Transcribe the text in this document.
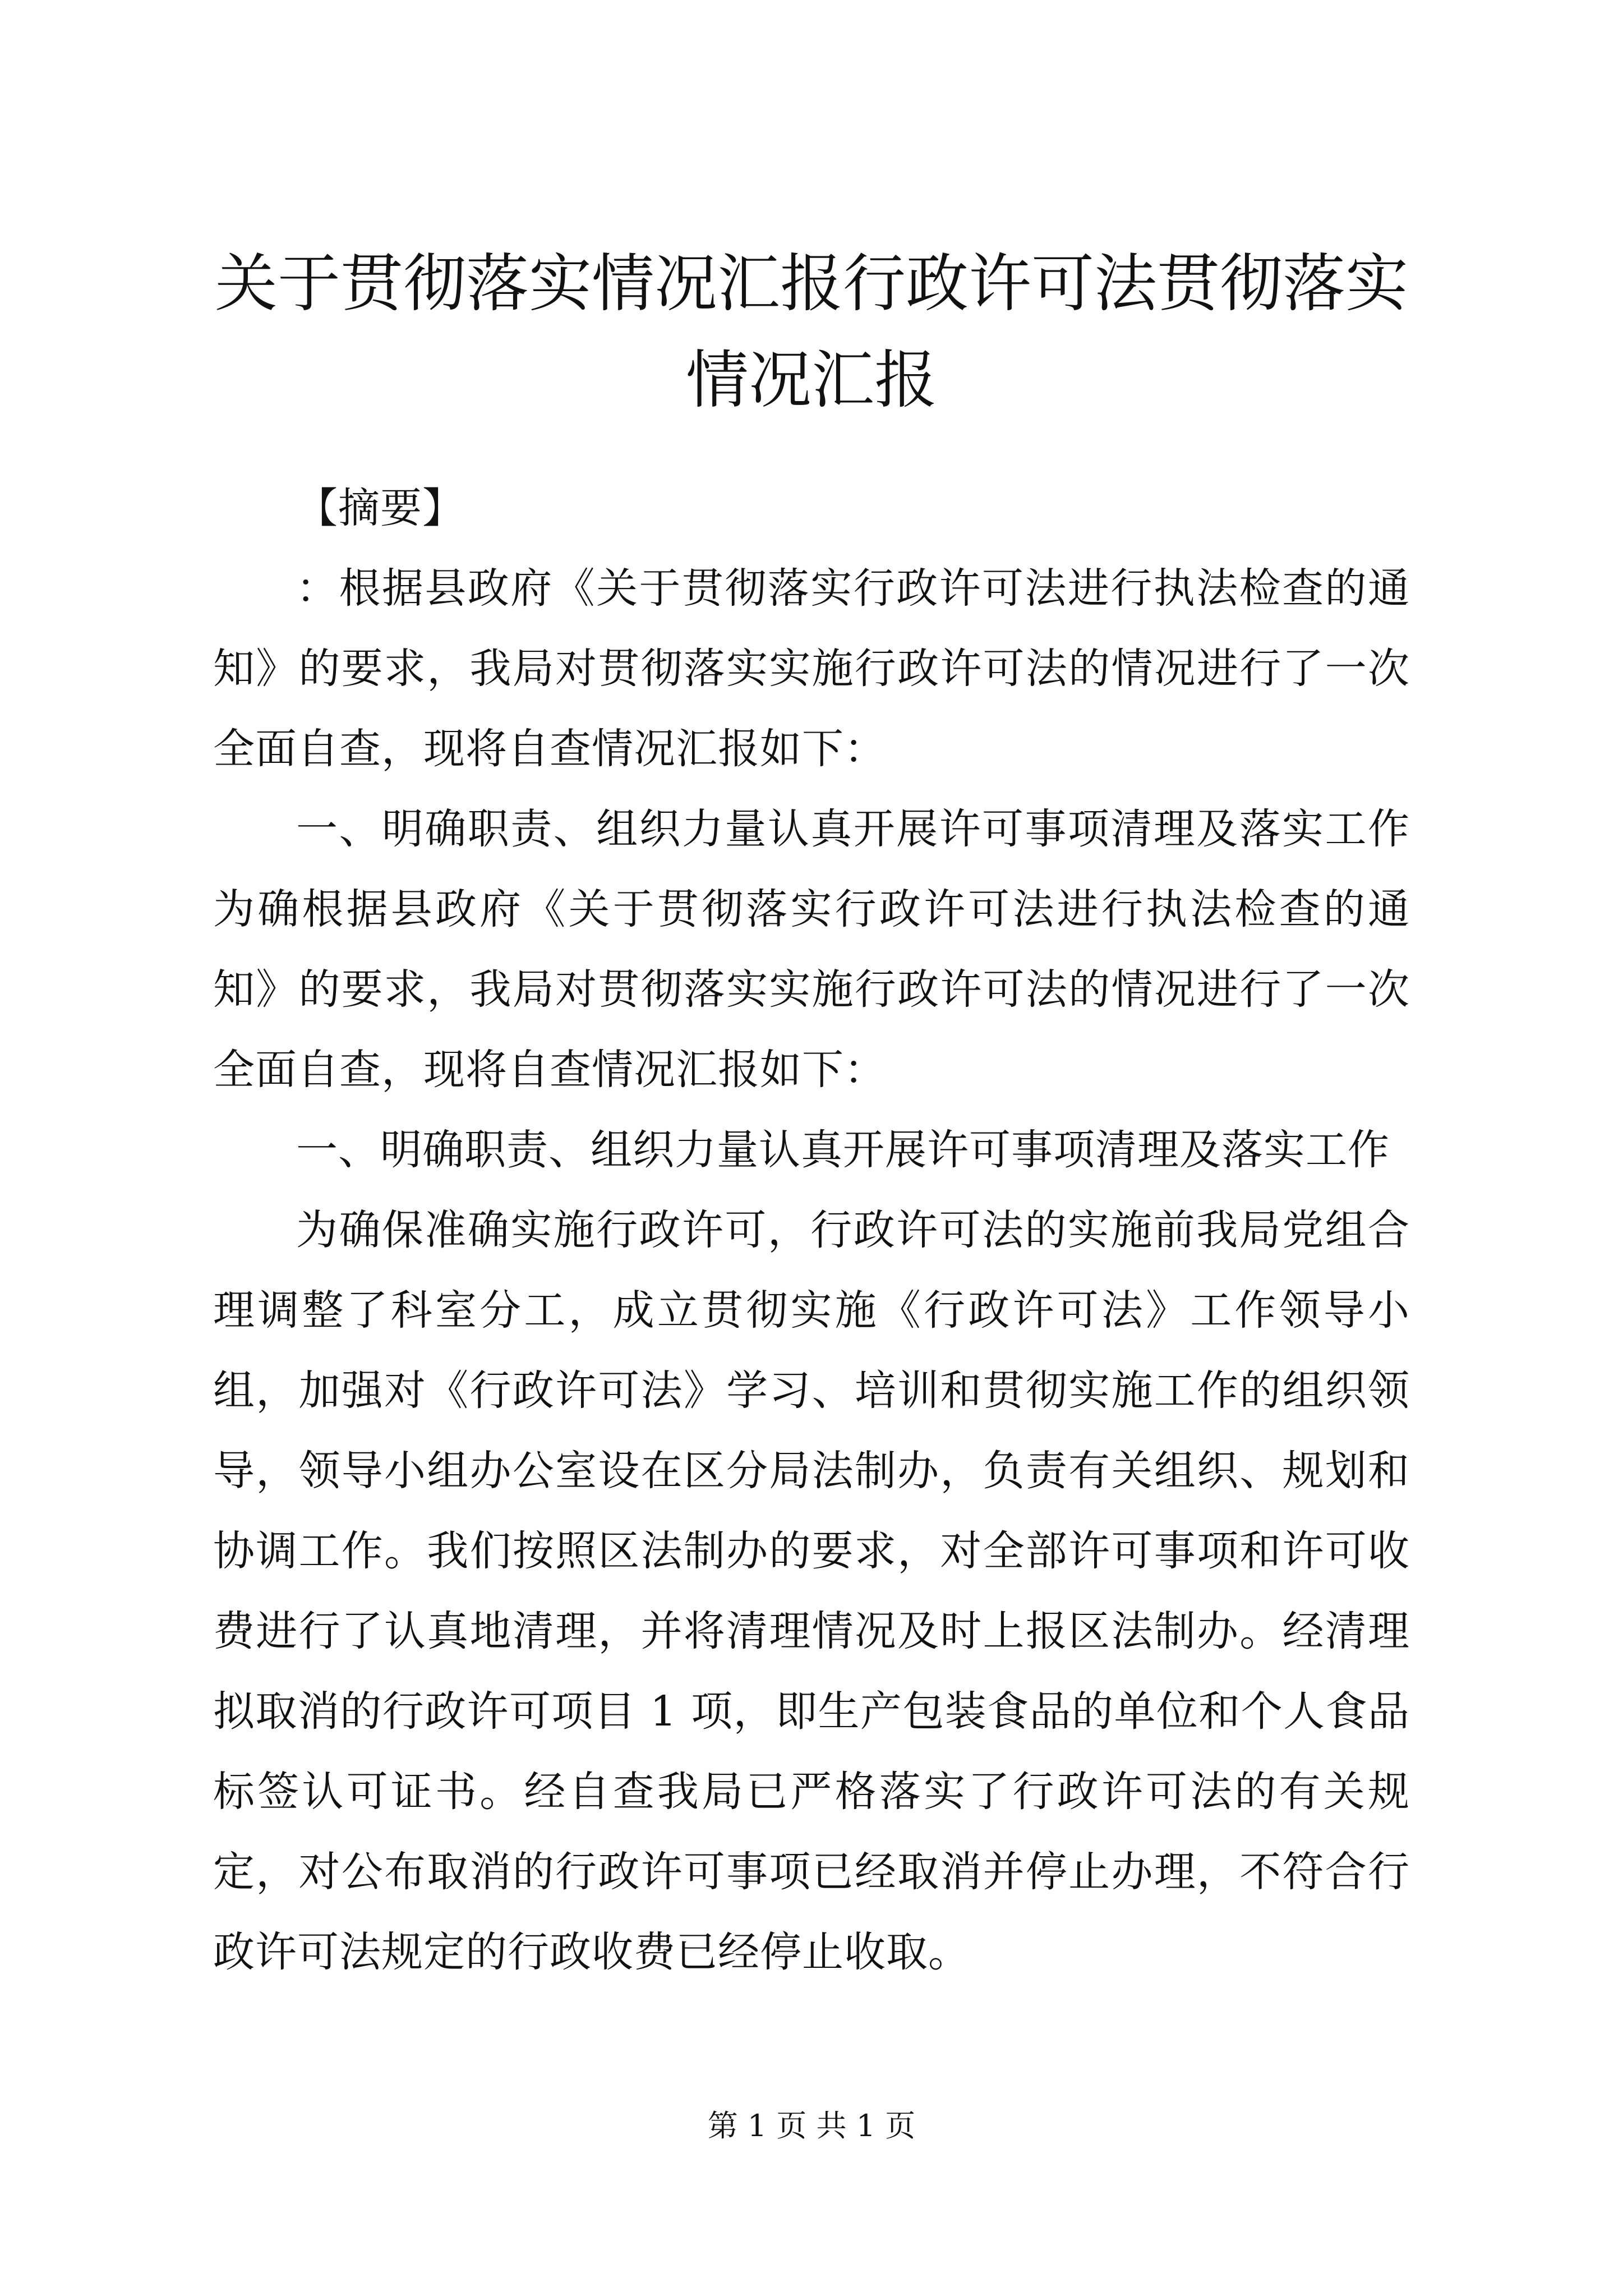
关于贯彻落实情况汇报行政许可法贯彻落实情况汇报

【摘要】

：根据县政府《关于贯彻落实行政许可法进行执法检查的通知》的要求，我局对贯彻落实实施行政许可法的情况进行了一次全面自查，现将自查情况汇报如下：

一、明确职责、组织力量认真开展许可事项清理及落实工作为确根据县政府《关于贯彻落实行政许可法进行执法检查的通知》的要求，我局对贯彻落实实施行政许可法的情况进行了一次全面自查，现将自查情况汇报如下：

一、明确职责、组织力量认真开展许可事项清理及落实工作

为确保准确实施行政许可，行政许可法的实施前我局党组合理调整了科室分工，成立贯彻实施《行政许可法》工作领导小组，加强对《行政许可法》学习、培训和贯彻实施工作的组织领导，领导小组办公室设在区分局法制办，负责有关组织、规划和协调工作。我们按照区法制办的要求，对全部许可事项和许可收费进行了认真地清理，并将清理情况及时上报区法制办。经清理拟取消的行政许可项目 1 项，即生产包装食品的单位和个人食品标签认可证书。经自查我局已严格落实了行政许可法的有关规定，对公布取消的行政许可事项已经取消并停止办理，不符合行政许可法规定的行政收费已经停止收取。

第 1 页 共 1 页
